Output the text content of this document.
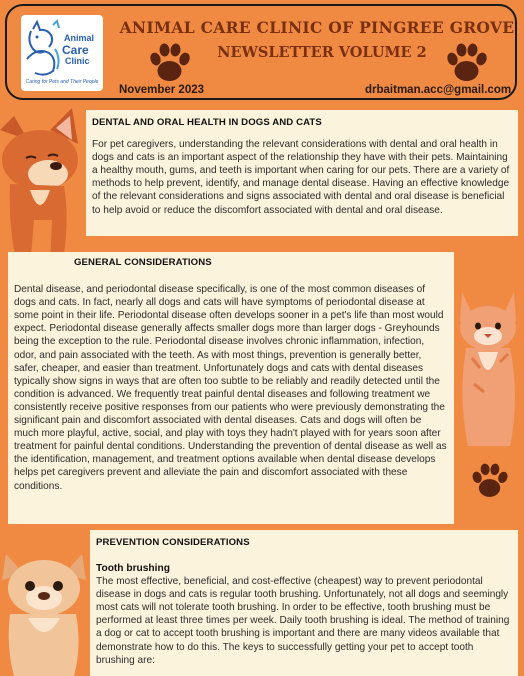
Animal
Care
Clinic
Caring for Pets and Their People
ANIMAL CARE CLINIC OF PINGREE GROVE
NEWSLETTER VOLUME 2
November 2023	drbaitman.acc@gmail.com
DENTAL AND ORAL HEALTH IN DOGS AND CATS

For pet caregivers, understanding the relevant considerations with dental and oral health in dogs and cats is an important aspect of the relationship they have with their pets. Maintaining a healthy mouth, gums, and teeth is important when caring for our pets. There are a variety of methods to help prevent, identify, and manage dental disease. Having an effective knowledge of the relevant considerations and signs associated with dental and oral disease is beneficial to help avoid or reduce the discomfort associated with dental and oral disease.

GENERAL CONSIDERATIONS

Dental disease, and periodontal disease specifically, is one of the most common diseases of dogs and cats. In fact, nearly all dogs and cats will have symptoms of periodontal disease at some point in their life. Periodontal disease often develops sooner in a pet's life than most would expect. Periodontal disease generally affects smaller dogs more than larger dogs - Greyhounds being the exception to the rule. Periodontal disease involves chronic inflammation, infection, odor, and pain associated with the teeth. As with most things, prevention is generally better, safer, cheaper, and easier than treatment. Unfortunately dogs and cats with dental diseases typically show signs in ways that are often too subtle to be reliably and readily detected until the condition is advanced. We frequently treat painful dental diseases and following treatment we consistently receive positive responses from our patients who were previously demonstrating the significant pain and discomfort associated with dental diseases. Cats and dogs will often be much more playful, active, social, and play with toys they hadn't played with for years soon after treatment for painful dental conditions. Understanding the prevention of dental disease as well as the identification, management, and treatment options available when dental disease develops helps pet caregivers prevent and alleviate the pain and discomfort associated with these conditions.

PREVENTION CONSIDERATIONS
Tooth brushing

The most effective, beneficial, and cost-effective (cheapest) way to prevent periodontal disease in dogs and cats is regular tooth brushing. Unfortunately, not all dogs and seemingly most cats will not tolerate tooth brushing. In order to be effective, tooth brushing must be performed at least three times per week. Daily tooth brushing is ideal. The method of training a dog or cat to accept tooth brushing is important and there are many videos available that demonstrate how to do this. The keys to successfully getting your pet to accept tooth brushing are:
